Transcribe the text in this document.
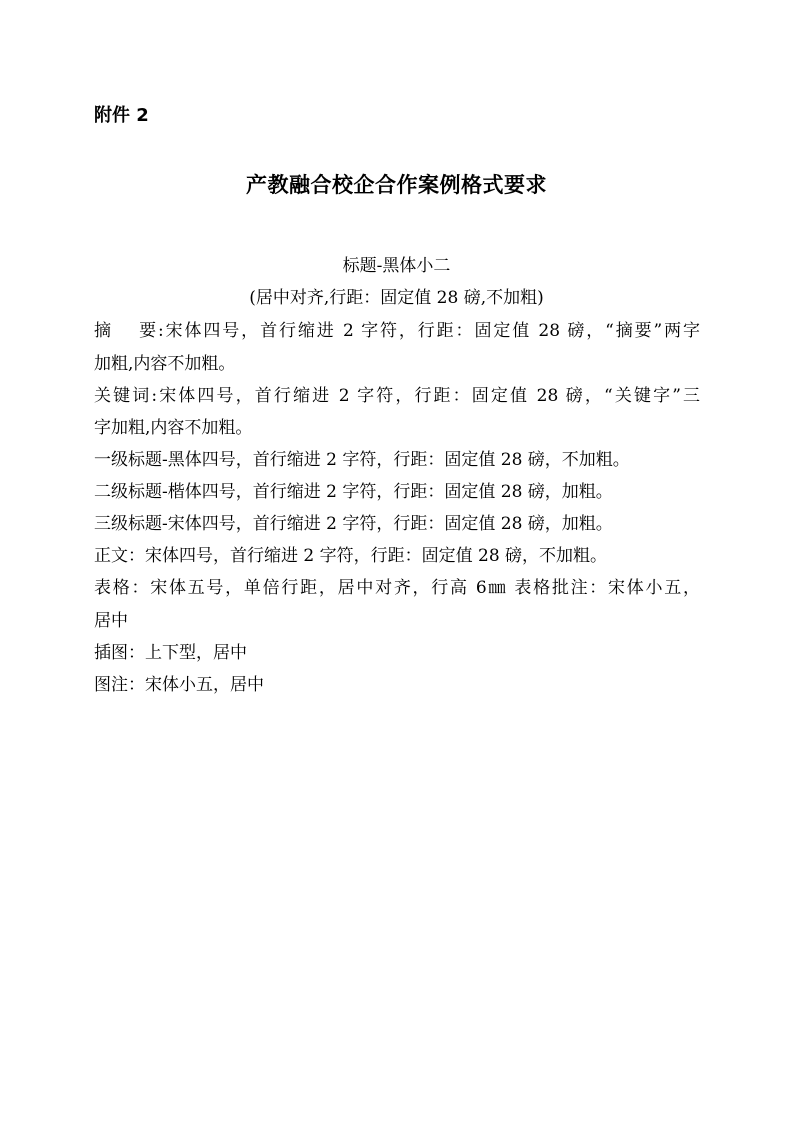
附件 2
产教融合校企合作案例格式要求
标题-黑体小二
(居中对齐,行距：固定值 28 磅,不加粗)
摘　 要:宋体四号，首行缩进 2 字符，行距：固定值 28 磅，“摘要”两字
加粗,内容不加粗。
关键词:宋体四号，首行缩进 2 字符，行距：固定值 28 磅，“关键字”三
字加粗,内容不加粗。
一级标题-黑体四号，首行缩进 2 字符，行距：固定值 28 磅，不加粗。
二级标题-楷体四号，首行缩进 2 字符，行距：固定值 28 磅，加粗。
三级标题-宋体四号，首行缩进 2 字符，行距：固定值 28 磅，加粗。
正文：宋体四号，首行缩进 2 字符，行距：固定值 28 磅，不加粗。
表格：宋体五号，单倍行距，居中对齐，行高 6㎜ 表格批注：宋体小五，
居中
插图：上下型，居中
图注：宋体小五，居中
